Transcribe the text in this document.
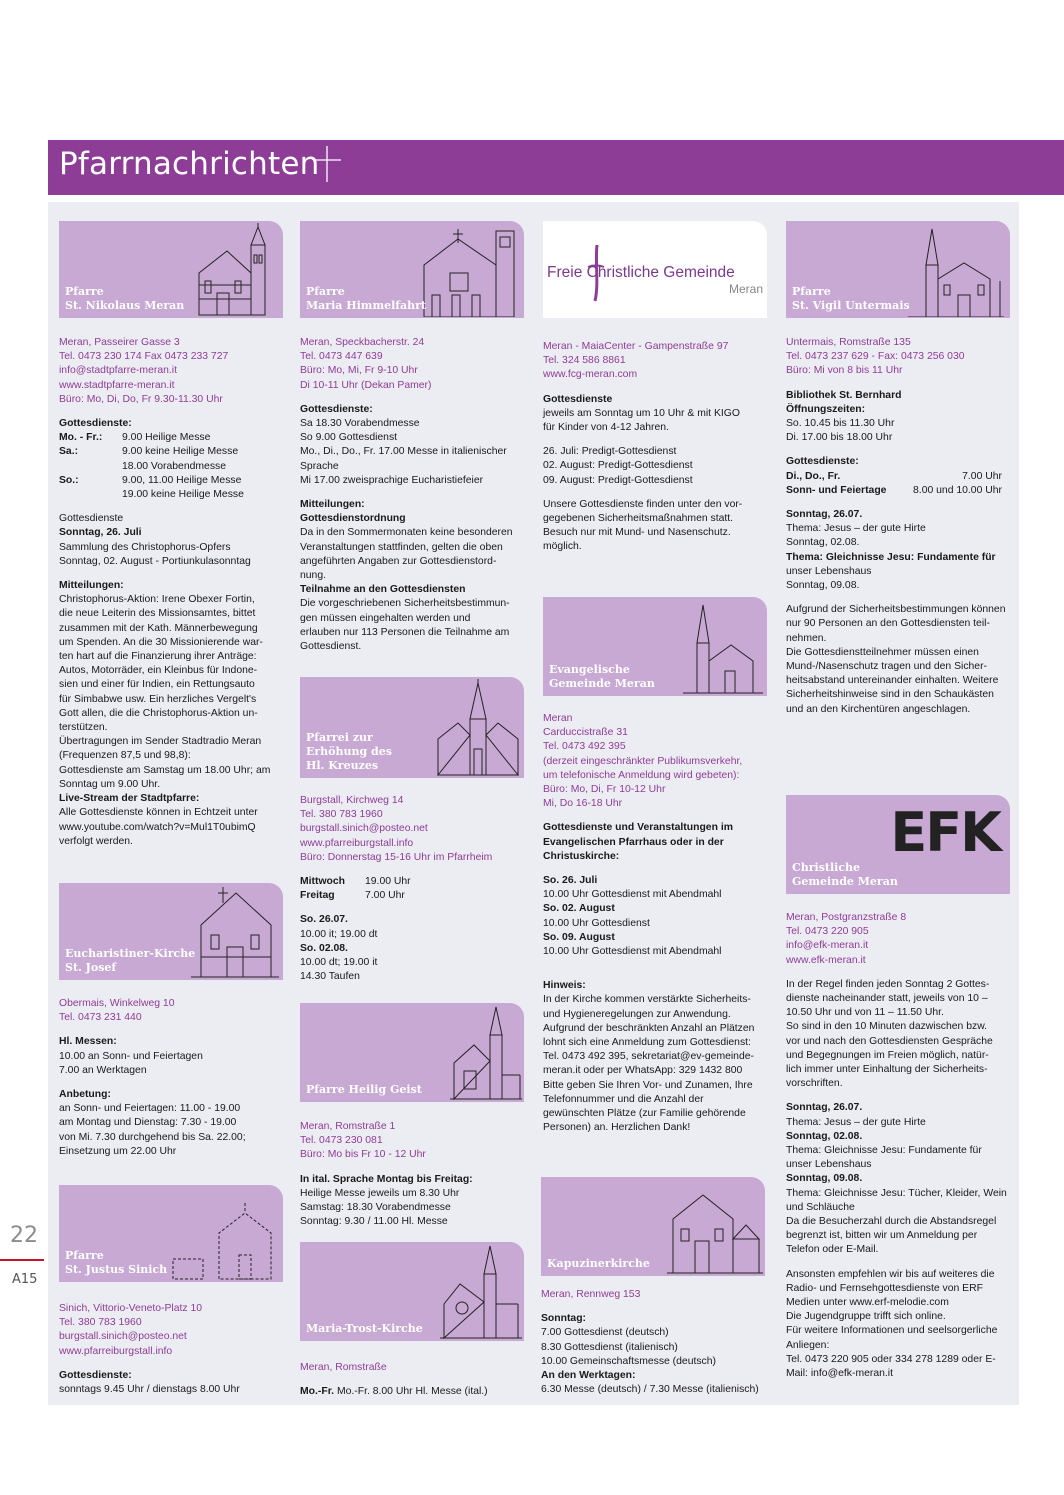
Pfarrnachrichten
Pfarre
St. Nikolaus Meran
Meran, Passeirer Gasse 3
Tel. 0473 230 174 Fax 0473 233 727
info@stadtpfarre-meran.it
www.stadtpfarre-meran.it
Büro: Mo, Di, Do, Fr 9.30-11.30 Uhr
Gottesdienste:
Mo. - Fr.:	9.00 Heilige Messe
Sa.:	9.00 keine Heilige Messe
18.00 Vorabendmesse
So.:	9.00, 11.00 Heilige Messe
19.00 keine Heilige Messe
Gottesdienste
Sonntag, 26. Juli
Sammlung des Christophorus-Opfers
Sonntag, 02. August - Portiunkulasonntag
Mitteilungen:
Christophorus-Aktion: Irene Obexer Fortin,
die neue Leiterin des Missionsamtes, bittet
zusammen mit der Kath. Männerbewegung
um Spenden. An die 30 Missionierende war-
ten hart auf die Finanzierung ihrer Anträge:
Autos, Motorräder, ein Kleinbus für Indone-
sien und einer für Indien, ein Rettungsauto
für Simbabwe usw. Ein herzliches Vergelt's
Gott allen, die die Christophorus-Aktion un-
terstützen.
Übertragungen im Sender Stadtradio Meran
(Frequenzen 87,5 und 98,8):
Gottesdienste am Samstag um 18.00 Uhr; am
Sonntag um 9.00 Uhr.
Live-Stream der Stadtpfarre:
Alle Gottesdienste können in Echtzeit unter
www.youtube.com/watch?v=Mul1T0ubimQ
verfolgt werden.
Eucharistiner-Kirche
St. Josef
Obermais, Winkelweg 10
Tel. 0473 231 440
Hl. Messen:
10.00 an Sonn- und Feiertagen
7.00 an Werktagen
Anbetung:
an Sonn- und Feiertagen: 11.00 - 19.00
am Montag und Dienstag: 7.30 - 19.00
von Mi. 7.30 durchgehend bis Sa. 22.00;
Einsetzung um 22.00 Uhr
Pfarre
St. Justus Sinich
Sinich, Vittorio-Veneto-Platz 10
Tel. 380 783 1960
burgstall.sinich@posteo.net
www.pfarreiburgstall.info
Gottesdienste:
sonntags 9.45 Uhr / dienstags 8.00 Uhr
Pfarre
Maria Himmelfahrt
Meran, Speckbacherstr. 24
Tel. 0473 447 639
Büro: Mo, Mi, Fr 9-10 Uhr
Di 10-11 Uhr (Dekan Pamer)
Gottesdienste:
Sa 18.30 Vorabendmesse
So 9.00 Gottesdienst
Mo., Di., Do., Fr. 17.00 Messe in italienischer
Sprache
Mi 17.00 zweisprachige Eucharistiefeier
Mitteilungen:
Gottesdienstordnung
Da in den Sommermonaten keine besonderen
Veranstaltungen stattfinden, gelten die oben
angeführten Angaben zur Gottesdienstord-
nung.
Teilnahme an den Gottesdiensten
Die vorgeschriebenen Sicherheitsbestimmun-
gen müssen eingehalten werden und
erlauben nur 113 Personen die Teilnahme am
Gottesdienst.
Pfarrei zur
Erhöhung des
Hl. Kreuzes
Burgstall, Kirchweg 14
Tel. 380 783 1960
burgstall.sinich@posteo.net
www.pfarreiburgstall.info
Büro: Donnerstag 15-16 Uhr im Pfarrheim
Mittwoch	19.00 Uhr
Freitag	7.00 Uhr
So. 26.07.
10.00 it; 19.00 dt
So. 02.08.
10.00 dt; 19.00 it
14.30 Taufen
Pfarre Heilig Geist
Meran, Romstraße 1
Tel. 0473 230 081
Büro: Mo bis Fr 10 - 12 Uhr
In ital. Sprache Montag bis Freitag:
Heilige Messe jeweils um 8.30 Uhr
Samstag: 18.30 Vorabendmesse
Sonntag: 9.30 / 11.00 Hl. Messe
Maria-Trost-Kirche
Meran, Romstraße
Mo.-Fr. Mo.-Fr. 8.00 Uhr Hl. Messe (ital.)
Freie Christliche Gemeinde
Meran
Meran - MaiaCenter - Gampenstraße 97
Tel. 324 586 8861
www.fcg-meran.com
Gottesdienste
jeweils am Sonntag um 10 Uhr & mit KIGO
für Kinder von 4-12 Jahren.
26. Juli: Predigt-Gottesdienst
02. August: Predigt-Gottesdienst
09. August: Predigt-Gottesdienst
Unsere Gottesdienste finden unter den vor-
gegebenen Sicherheitsmaßnahmen statt.
Besuch nur mit Mund- und Nasenschutz.
möglich.
Evangelische
Gemeinde Meran
Meran
Carduccistraße 31
Tel. 0473 492 395
(derzeit eingeschränkter Publikumsverkehr,
um telefonische Anmeldung wird gebeten):
Büro: Mo, Di, Fr 10-12 Uhr
Mi, Do 16-18 Uhr
Gottesdienste und Veranstaltungen im
Evangelischen Pfarrhaus oder in der
Christuskirche:
So. 26. Juli
10.00 Uhr Gottesdienst mit Abendmahl
So. 02. August
10.00 Uhr Gottesdienst
So. 09. August
10.00 Uhr Gottesdienst mit Abendmahl
Hinweis:
In der Kirche kommen verstärkte Sicherheits-
und Hygieneregelungen zur Anwendung.
Aufgrund der beschränkten Anzahl an Plätzen
lohnt sich eine Anmeldung zum Gottesdienst:
Tel. 0473 492 395, sekretariat@ev-gemeinde-
meran.it oder per WhatsApp: 329 1432 800
Bitte geben Sie Ihren Vor- und Zunamen, Ihre
Telefonnummer und die Anzahl der
gewünschten Plätze (zur Familie gehörende
Personen) an. Herzlichen Dank!
Kapuzinerkirche
Meran, Rennweg 153
Sonntag:
7.00 Gottesdienst (deutsch)
8.30 Gottesdienst (italienisch)
10.00 Gemeinschaftsmesse (deutsch)
An den Werktagen:
6.30 Messe (deutsch) / 7.30 Messe (italienisch)
Pfarre
St. Vigil Untermais
Untermais, Romstraße 135
Tel. 0473 237 629 - Fax: 0473 256 030
Büro: Mi von 8 bis 11 Uhr
Bibliothek St. Bernhard
Öffnungszeiten:
So. 10.45 bis 11.30 Uhr
Di. 17.00 bis 18.00 Uhr
Gottesdienste:
Di., Do., Fr.	7.00 Uhr
Sonn- und Feiertage	8.00 und 10.00 Uhr
Sonntag, 26.07.
Thema: Jesus – der gute Hirte
Sonntag, 02.08.
Thema: Gleichnisse Jesu: Fundamente für
unser Lebenshaus
Sonntag, 09.08.
Aufgrund der Sicherheitsbestimmungen können
nur 90 Personen an den Gottesdiensten teil-
nehmen.
Die Gottesdienstteilnehmer müssen einen
Mund-/Nasenschutz tragen und den Sicher-
heitsabstand untereinander einhalten. Weitere
Sicherheitshinweise sind in den Schaukästen
und an den Kirchentüren angeschlagen.
EFK
Christliche
Gemeinde Meran
Meran, Postgranzstraße 8
Tel. 0473 220 905
info@efk-meran.it
www.efk-meran.it
In der Regel finden jeden Sonntag 2 Gottes-
dienste nacheinander statt, jeweils von 10 –
10.50 Uhr und von 11 – 11.50 Uhr.
So sind in den 10 Minuten dazwischen bzw.
vor und nach den Gottesdiensten Gespräche
und Begegnungen im Freien möglich, natür-
lich immer unter Einhaltung der Sicherheits-
vorschriften.
Sonntag, 26.07.
Thema: Jesus – der gute Hirte
Sonntag, 02.08.
Thema: Gleichnisse Jesu: Fundamente für
unser Lebenshaus
Sonntag, 09.08.
Thema: Gleichnisse Jesu: Tücher, Kleider, Wein
und Schläuche
Da die Besucherzahl durch die Abstandsregel
begrenzt ist, bitten wir um Anmeldung per
Telefon oder E-Mail.
Ansonsten empfehlen wir bis auf weiteres die
Radio- und Fernsehgottesdienste von ERF
Medien unter www.erf-melodie.com
Die Jugendgruppe trifft sich online.
Für weitere Informationen und seelsorgerliche
Anliegen:
Tel. 0473 220 905 oder 334 278 1289 oder E-
Mail: info@efk-meran.it
22
A15
